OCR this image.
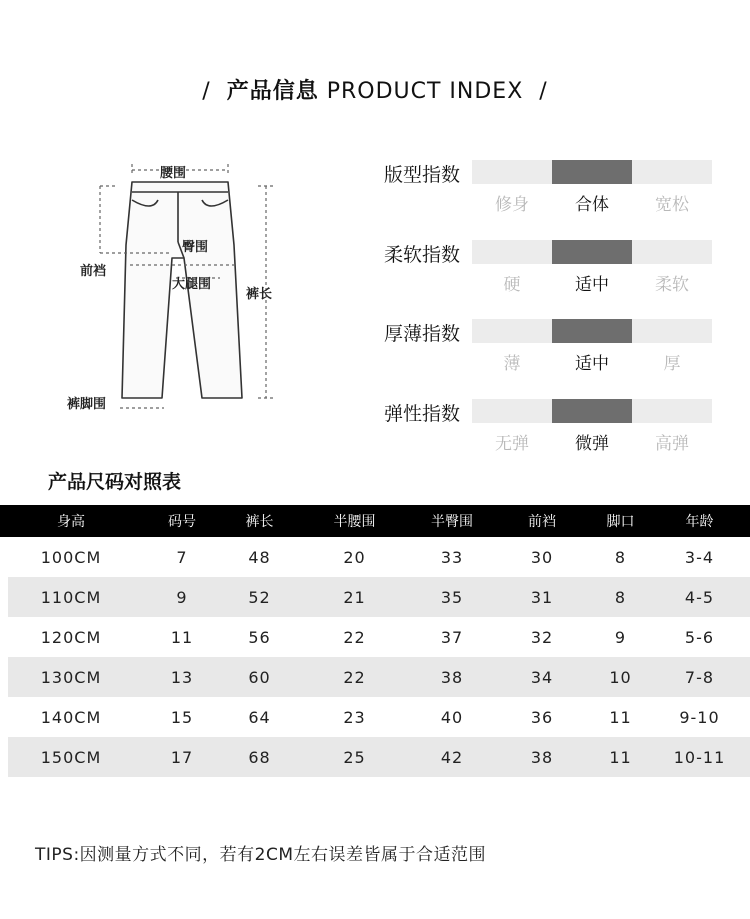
/ 产品信息 PRODUCT INDEX /
腰围
臀围
前裆
大腿围
裤长
裤脚围
版型指数
修身	合体	宽松
柔软指数
硬	适中	柔软
厚薄指数
薄	适中	厚
弹性指数
无弹	微弹	高弹
产品尺码对照表
身高	码号	裤长	半腰围	半臀围	前裆	脚口	年龄
100CM	7	48	20	33	30	8	3-4
110CM	9	52	21	35	31	8	4-5
120CM	11	56	22	37	32	9	5-6
130CM	13	60	22	38	34	10	7-8
140CM	15	64	23	40	36	11	9-10
150CM	17	68	25	42	38	11	10-11
TIPS:因测量方式不同，若有2CM左右误差皆属于合适范围
